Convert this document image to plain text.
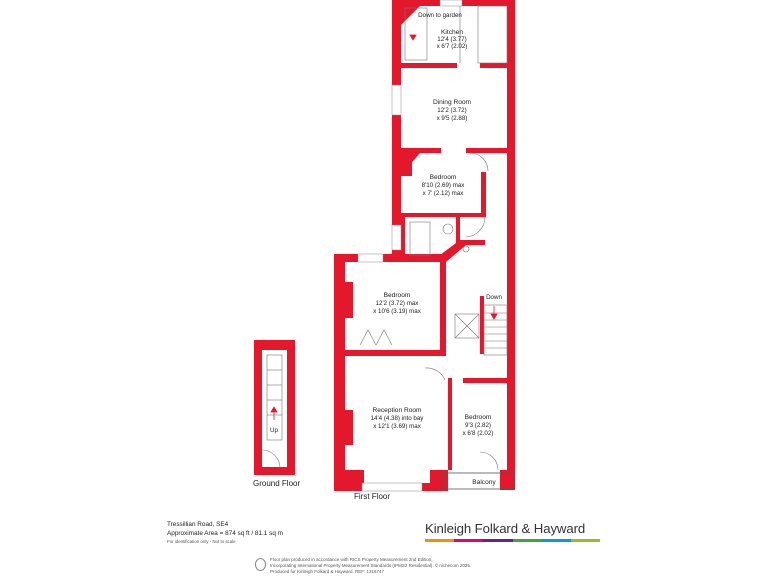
Down to garden
Kitchen
12'4 (3.77)
x 6'7 (2.02)
Dining Room
12'2 (3.72)
x 9'5 (2.88)
Bedroom
8'10 (2.69) max
x 7' (2.12) max
Bedroom
12'2 (3.72) max
x 10'6 (3.19) max
Reception Room
14'4 (4.38) into bay
x 12'1 (3.69) max
Bedroom
9'3 (2.82)
x 6'8 (2.02)
Balcony
Down
Up
Ground Floor
First Floor
Tressillian Road, SE4
Approximate Area = 874 sq ft / 81.1 sq m
For identification only - Not to scale
Kinleigh Folkard & Hayward
Floor plan produced in accordance with RICS Property Measurement 2nd Edition,
Incorporating International Property Measurement Standards (IPMS2 Residential). © nichecom 2025.
Produced for Kinleigh Folkard & Hayward. REF: 1316747
